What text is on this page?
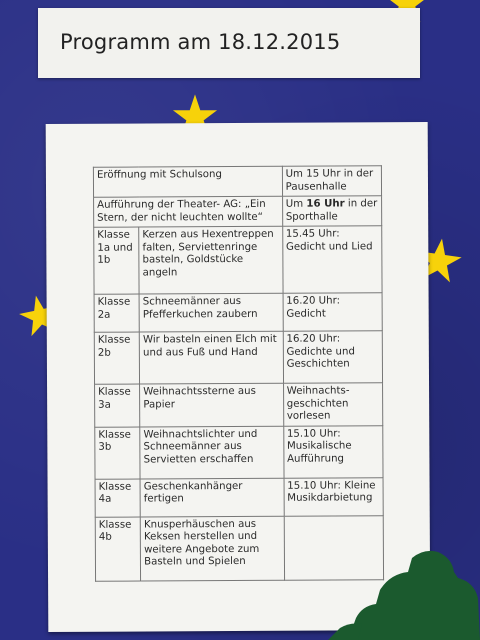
Programm am 18.12.2015
Eröffnung mit Schulsong		Um 15 Uhr in der Pausenhalle
Aufführung der Theater- AG: „Ein Stern, der nicht leuchten wollte“		Um 16 Uhr in der Sporthalle
Klasse 1a und 1b	Kerzen aus Hexentreppen falten, Serviettenringe basteln, Goldstücke angeln	15.45 Uhr: Gedicht und Lied
Klasse 2a	Schneemänner aus Pfefferkuchen zaubern	16.20 Uhr: Gedicht
Klasse 2b	Wir basteln einen Elch mit und aus Fuß und Hand	16.20 Uhr: Gedichte und Geschichten
Klasse 3a	Weihnachtssterne aus Papier	Weihnachts-geschichten vorlesen
Klasse 3b	Weihnachtslichter und Schneemänner aus Servietten erschaffen	15.10 Uhr: Musikalische Aufführung
Klasse 4a	Geschenkanhänger fertigen	15.10 Uhr: Kleine Musikdarbietung
Klasse 4b	Knusperhäuschen aus Keksen herstellen und weitere Angebote zum Basteln und Spielen	
